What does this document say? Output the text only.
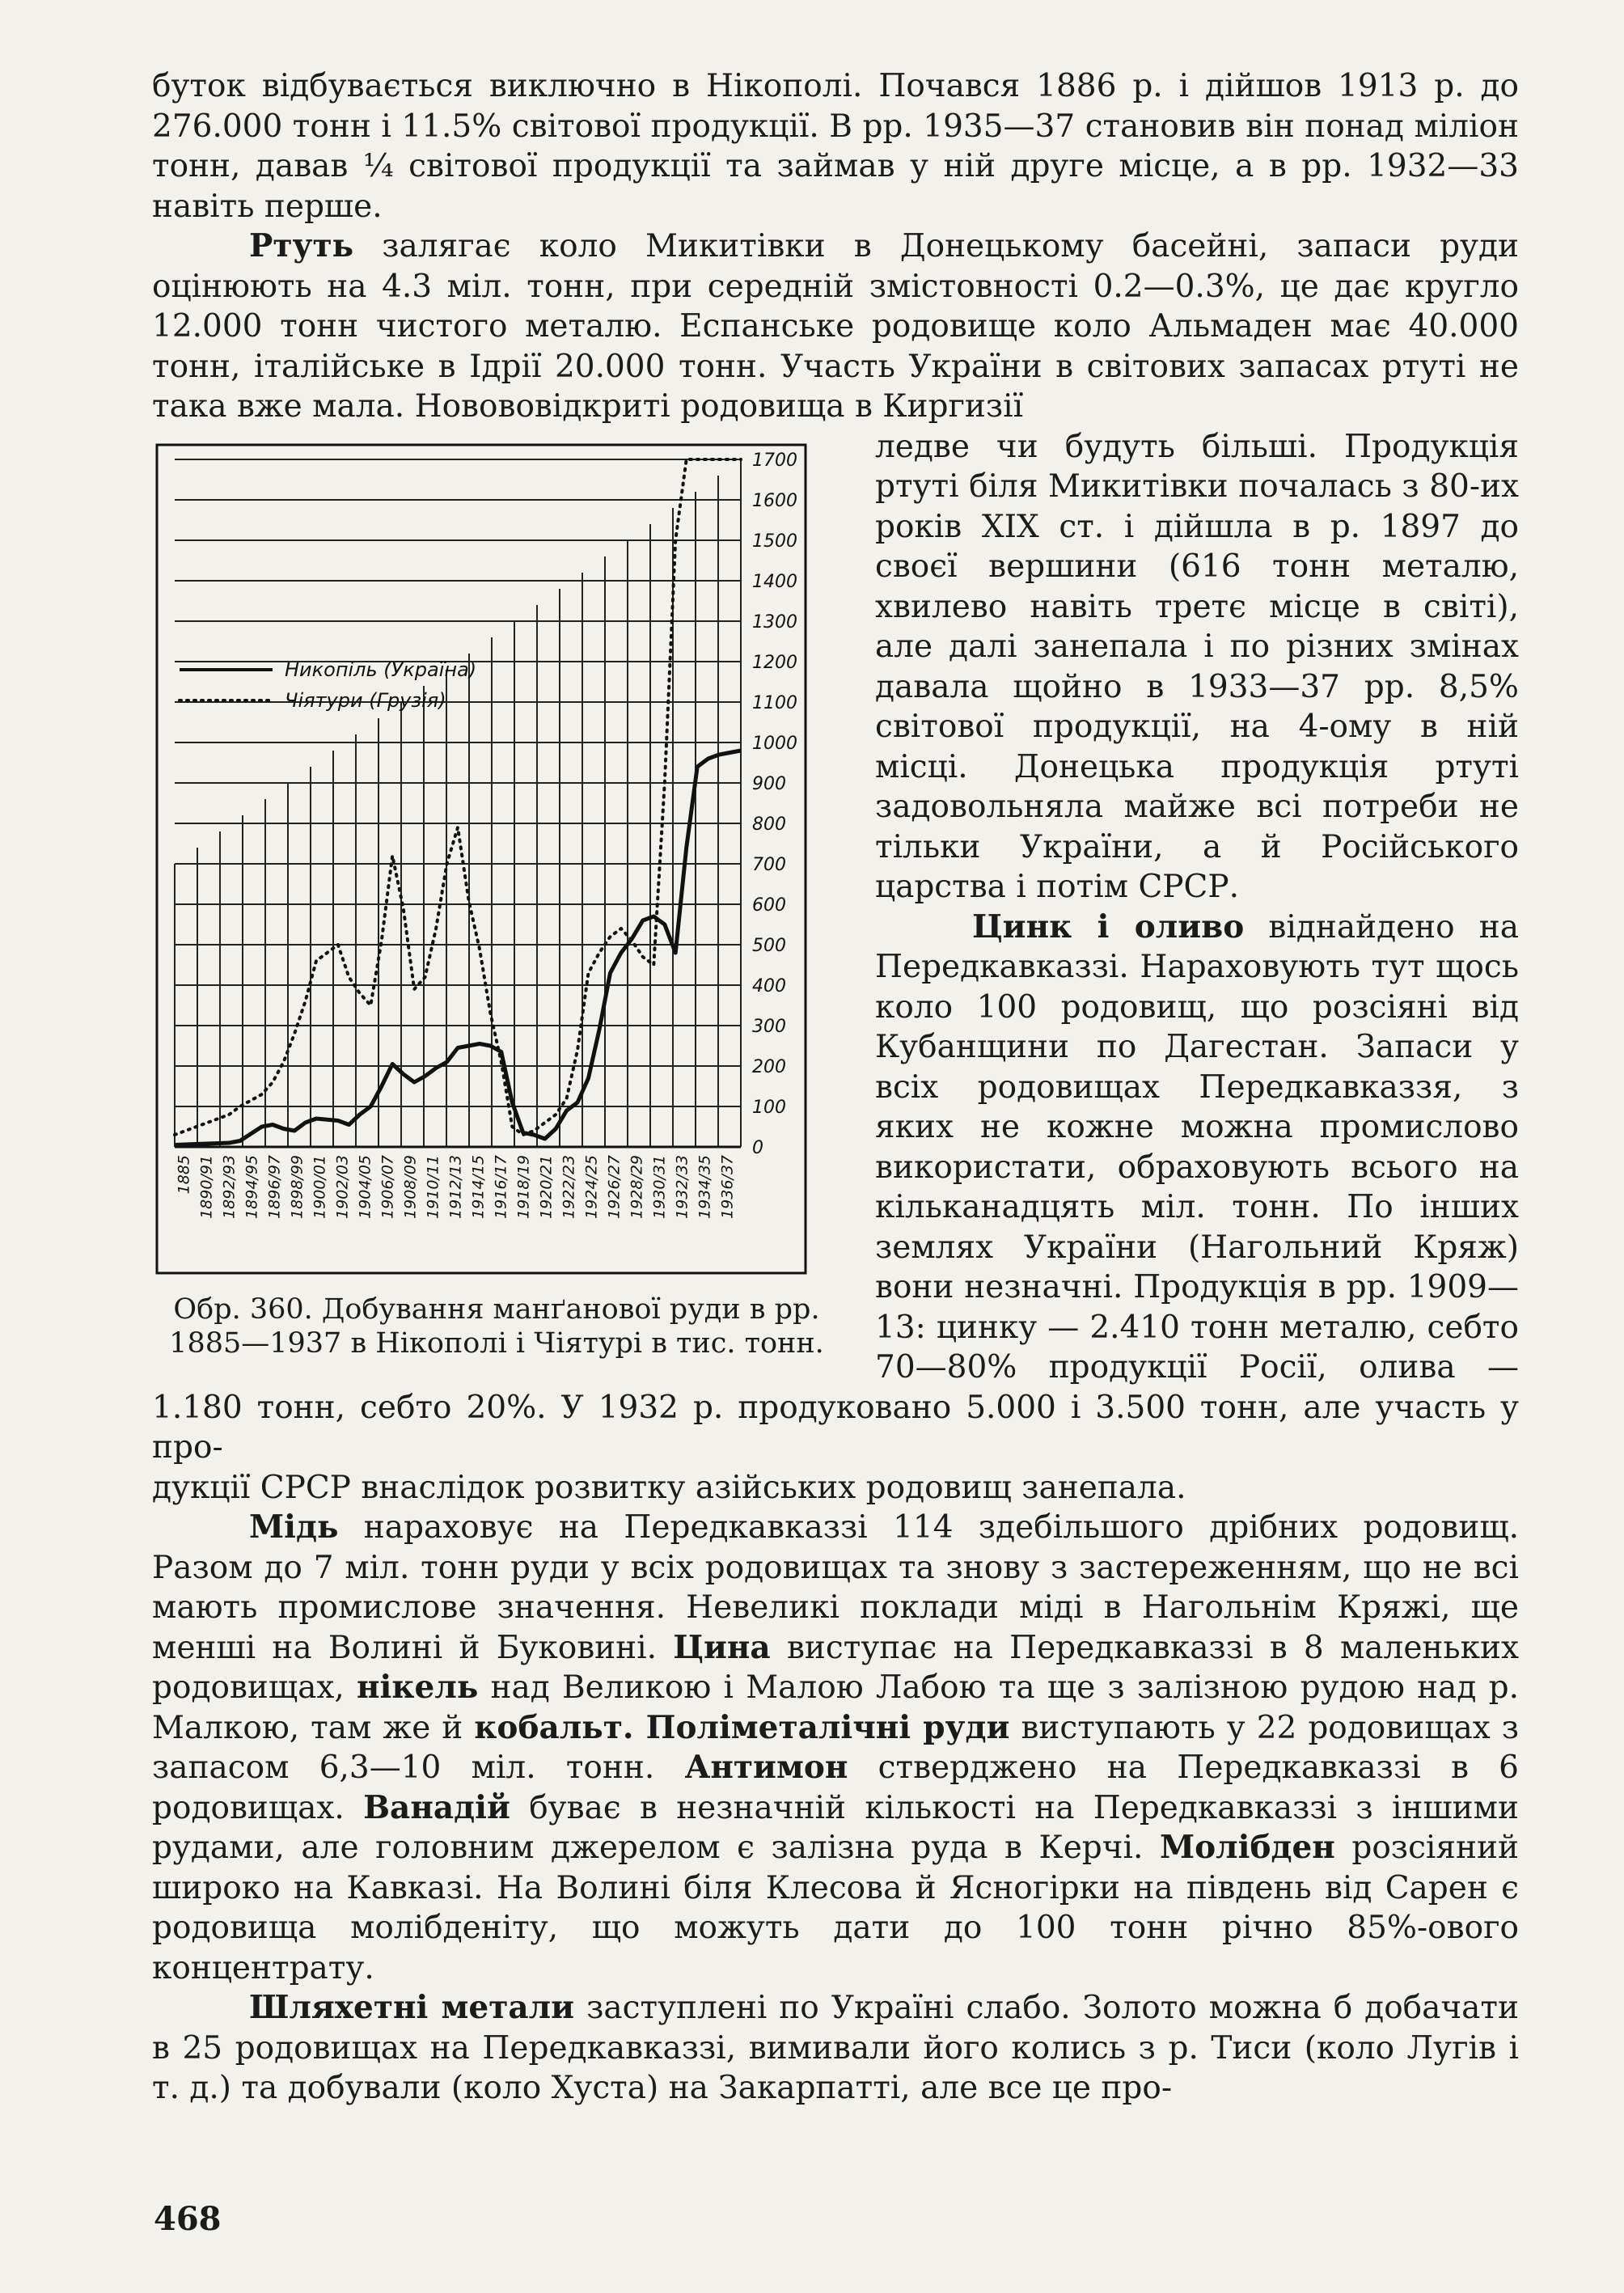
буток відбувається виключно в Нікополі. Почався 1886 р. і дійшов 1913 р. до 276.000 тонн і 11.5% світової продукції. В рр. 1935—37 становив він понад міліон тонн, давав ¼ світової продукції та займав у ній друге місце, а в рр. 1932—33 навіть перше.

Ртуть залягає коло Микитівки в Донецькому басейні, запаси руди оцінюють на 4.3 міл. тонн, при середній змістовності 0.2—0.3%, це дає кругло 12.000 тонн чистого металю. Еспанське родовище коло Альмаден має 40.000 тонн, італійське в Ідрії 20.000 тонн. Участь України в світових запасах ртуті не така вже мала. Новововідкриті родовища в Киргизії

0
100
200
300
400
500
600
700
800
900
1000
1100
1200
1300
1400
1500
1600
1700
1885 1890/91 1892/93 1894/95 1896/97 1898/99 1900/01 1902/03 1904/05 1906/07 1908/09 1910/11 1912/13 1914/15 1916/17 1918/19 1920/21 1922/23 1924/25 1926/27 1928/29 1930/31 1932/33 1934/35 1936/37
Никопіль (Україна)
Чіятури (Грузія)
Обр. 360. Добування манґанової руди в рр. 1885—1937 в Нікополі і Чіятурі в тис. тонн.

ледве чи будуть більші. Продукція ртуті біля Микитівки почалась з 80-их років XIX ст. і дійшла в р. 1897 до своєї вершини (616 тонн металю, хвилево навіть третє місце в світі), але далі занепала і по різних змінах давала щойно в 1933—37 рр. 8,5% світової продукції, на 4-ому в ній місці. Донецька продукція ртуті задовольняла майже всі потреби не тільки України, а й Російського царства і потім СРСР.

Цинк і оливо віднайдено на Передкавказзі. Нараховують тут щось коло 100 родовищ, що розсіяні від Кубанщини по Дагестан. Запаси у всіх родовищах Передкавказзя, з яких не кожне можна промислово використати, обраховують всього на кільканадцять міл. тонн. По інших землях України (Нагольний Кряж) вони незначні. Продукція в рр. 1909—13: цинку — 2.410 тонн металю, себто 70—80% продукції Росії, олива — 1.180 тонн, себто 20%. У 1932 р. продуковано 5.000 і 3.500 тонн, але участь у про-

дукції СРСР внаслідок розвитку азійських родовищ занепала.

Мідь нараховує на Передкавказзі 114 здебільшого дрібних родовищ. Разом до 7 міл. тонн руди у всіх родовищах та знову з застереженням, що не всі мають промислове значення. Невеликі поклади міді в Нагольнім Кряжі, ще менші на Волині й Буковині. Цина виступає на Передкавказзі в 8 маленьких родовищах, нікель над Великою і Малою Лабою та ще з залізною рудою над р. Малкою, там же й кобальт. Поліметалічні руди виступають у 22 родовищах з запасом 6,3—10 міл. тонн. Антимон стверджено на Передкавказзі в 6 родовищах. Ванадій буває в незначній кількості на Передкавказзі з іншими рудами, але головним джерелом є залізна руда в Керчі. Молібден розсіяний широко на Кавказі. На Волині біля Клесова й Ясногірки на південь від Сарен є родовища молібденіту, що можуть дати до 100 тонн річно 85%-ового концентрату.

Шляхетні метали заступлені по Україні слабо. Золото можна б добачати в 25 родовищах на Передкавказзі, вимивали його колись з р. Тиси (коло Лугів і т. д.) та добували (коло Хуста) на Закарпатті, але все це про-

468
